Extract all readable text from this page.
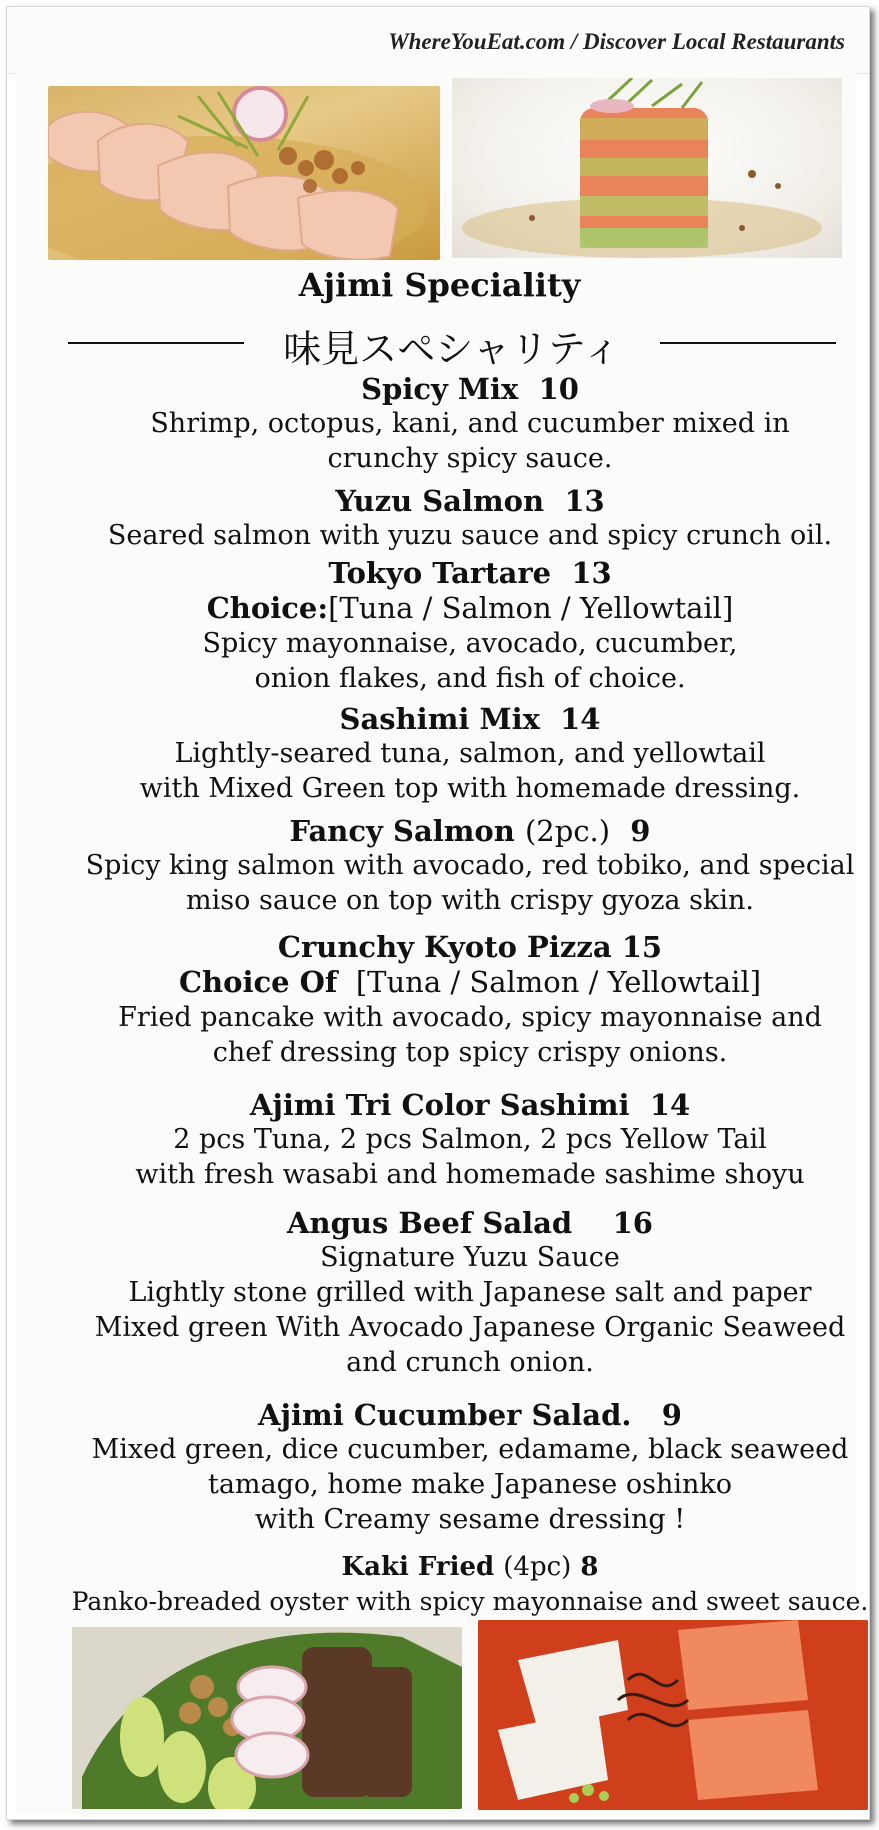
WhereYouEat.com / Discover Local Restaurants
Ajimi Speciality
味見スペシャリティ
Spicy Mix 10
Shrimp, octopus, kani, and cucumber mixed in
crunchy spicy sauce.
Yuzu Salmon 13
Seared salmon with yuzu sauce and spicy crunch oil.
Tokyo Tartare 13
Choice:[Tuna / Salmon / Yellowtail]
Spicy mayonnaise, avocado, cucumber,
onion flakes, and fish of choice.
Sashimi Mix 14
Lightly-seared tuna, salmon, and yellowtail
with Mixed Green top with homemade dressing.
Fancy Salmon (2pc.) 9
Spicy king salmon with avocado, red tobiko, and special
miso sauce on top with crispy gyoza skin.
Crunchy Kyoto Pizza 15
Choice Of [Tuna / Salmon / Yellowtail]
Fried pancake with avocado, spicy mayonnaise and
chef dressing top spicy crispy onions.
Ajimi Tri Color Sashimi 14
2 pcs Tuna, 2 pcs Salmon, 2 pcs Yellow Tail
with fresh wasabi and homemade sashime shoyu
Angus Beef Salad 16
Signature Yuzu Sauce
Lightly stone grilled with Japanese salt and paper
Mixed green With Avocado Japanese Organic Seaweed
and crunch onion.
Ajimi Cucumber Salad. 9
Mixed green, dice cucumber, edamame, black seaweed
tamago, home make Japanese oshinko
with Creamy sesame dressing !
Kaki Fried (4pc) 8
Panko-breaded oyster with spicy mayonnaise and sweet sauce.
